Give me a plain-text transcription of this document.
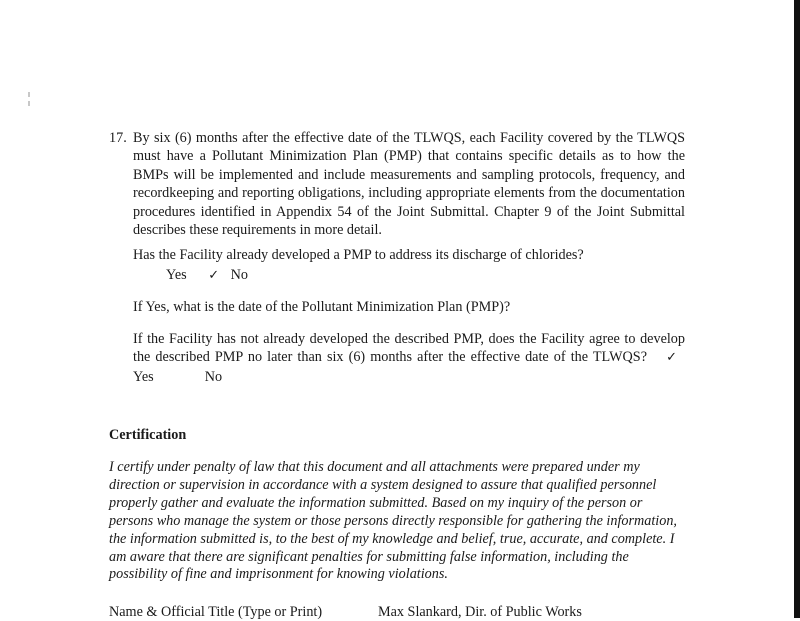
17. By six (6) months after the effective date of the TLWQS, each Facility covered by the TLWQS must have a Pollutant Minimization Plan (PMP) that contains specific details as to how the BMPs will be implemented and include measurements and sampling protocols, frequency, and recordkeeping and reporting obligations, including appropriate elements from the documentation procedures identified in Appendix 54 of the Joint Submittal. Chapter 9 of the Joint Submittal describes these requirements in more detail.
Has the Facility already developed a PMP to address its discharge of chlorides?
Yes ✓ No
If Yes, what is the date of the Pollutant Minimization Plan (PMP)?
If the Facility has not already developed the described PMP, does the Facility agree to develop the described PMP no later than six (6) months after the effective date of the TLWQS? ✓ Yes	No
Certification
I certify under penalty of law that this document and all attachments were prepared under my direction or supervision in accordance with a system designed to assure that qualified personnel properly gather and evaluate the information submitted. Based on my inquiry of the person or persons who manage the system or those persons directly responsible for gathering the information, the information submitted is, to the best of my knowledge and belief, true, accurate, and complete. I am aware that there are significant penalties for submitting false information, including the possibility of fine and imprisonment for knowing violations.
Name & Official Title (Type or Print)	Max Slankard, Dir. of Public Works
